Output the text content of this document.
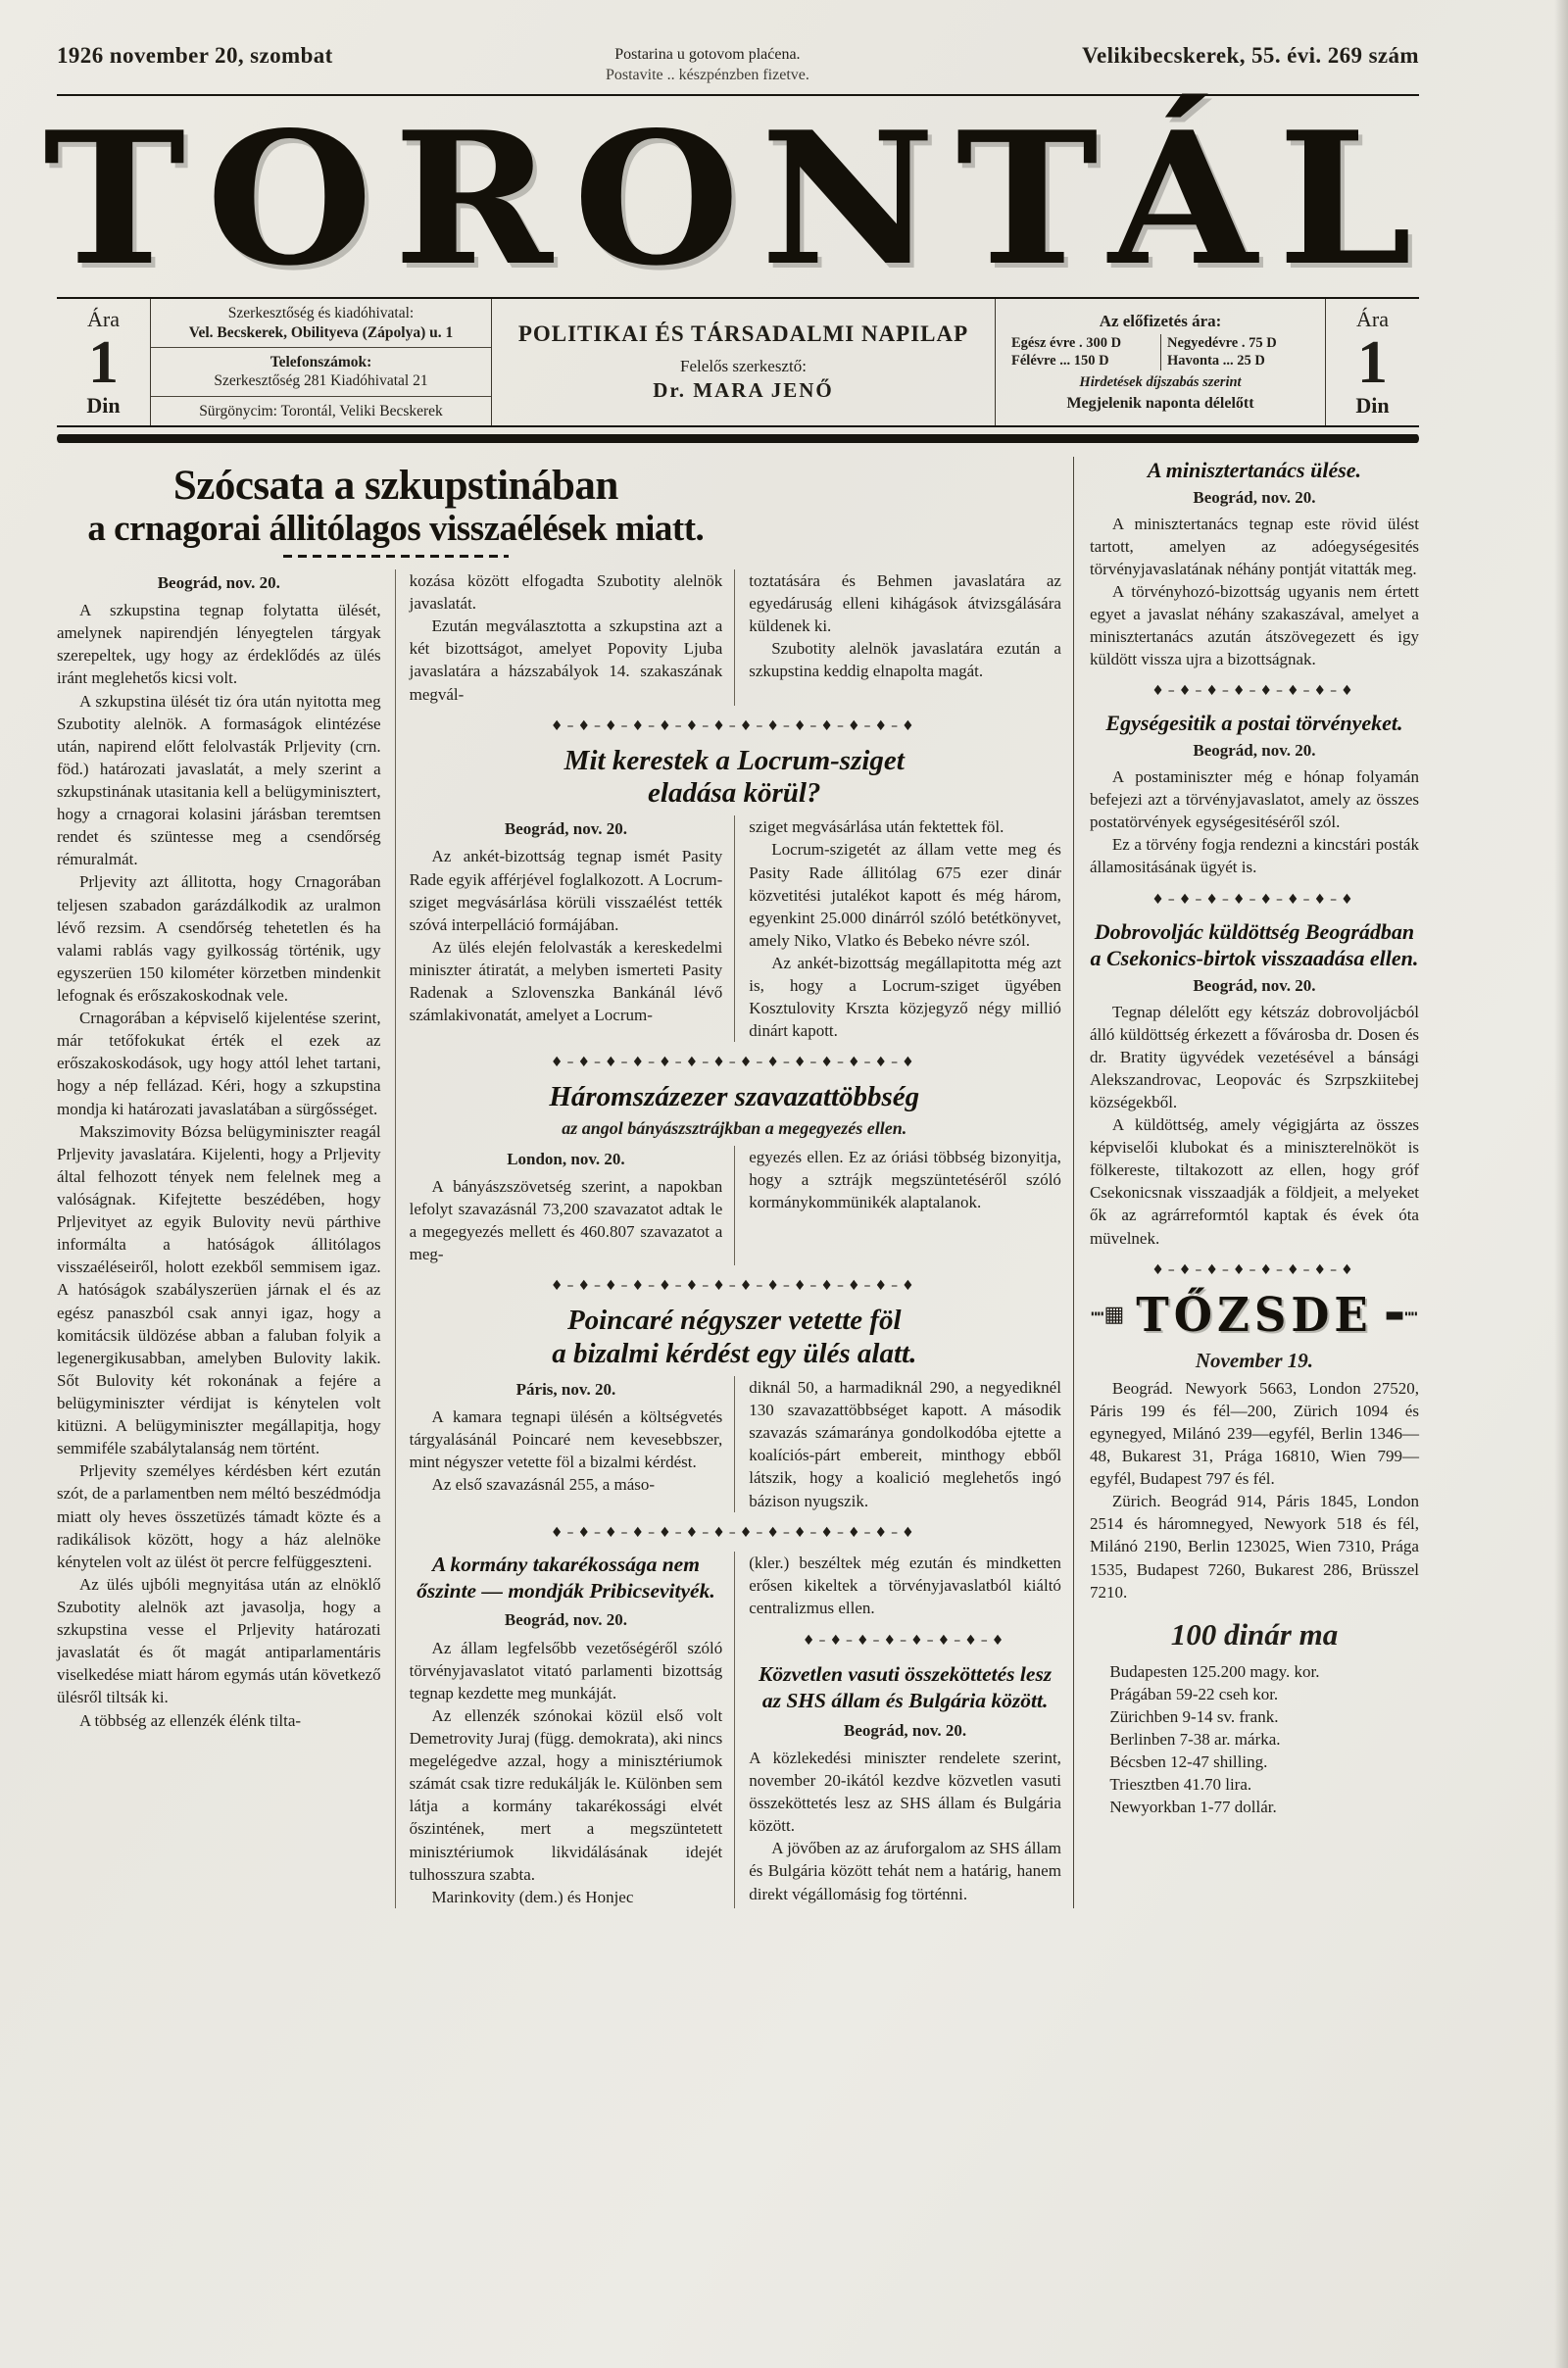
1926 november 20, szombat	Postarina u gotovom plaćena.
Postavite .. készpénzben fizetve.
Velikibecskerek, 55. évi. 269 szám
TORONTÁL
Ára
1
Din
Szerkesztőség és kiadóhivatal:
Vel. Becskerek, Obilityeva (Zápolya) u. 1
Telefonszámok:
Szerkesztőség 281 Kiadóhivatal 21
Sürgönycim: Torontál, Veliki Becskerek
POLITIKAI ÉS TÁRSADALMI NAPILAP
Felelős szerkesztő:
Dr. MARA JENŐ
Az előfizetés ára:
Egész évre . 300 D	Negyedévre . 75 D
Félévre ... 150 D	Havonta ... 25 D
Hirdetések díjszabás szerint
Megjelenik naponta délelőtt
Ára
1
Din
Szócsata a szkupstinában
a crnagorai állitólagos visszaélések miatt.
Beográd, nov. 20.

A szkupstina tegnap folytatta ülését, amelynek napirendjén lényegtelen tárgyak szerepeltek, ugy hogy az érdeklődés az ülés iránt meglehetős kicsi volt.

A szkupstina ülését tiz óra után nyitotta meg Szubotity alelnök. A formaságok elintézése után, napirend előtt felolvasták Prljevity (crn. föd.) határozati javaslatát, a mely szerint a szkupstinának utasitania kell a belügyminisztert, hogy a crnagorai kolasini járásban teremtsen rendet és szüntesse meg a csendőrség rémuralmát.

Prljevity azt állitotta, hogy Crnagorában teljesen szabadon garázdálkodik az uralmon lévő rezsim. A csendőrség tehetetlen és ha valami rablás vagy gyilkosság történik, ugy egyszerüen 150 kilométer körzetben mindenkit lefognak és erőszakoskodnak vele.

Crnagorában a képviselő kijelentése szerint, már tetőfokukat érték el ezek az erőszakoskodások, ugy hogy attól lehet tartani, hogy a nép fellázad. Kéri, hogy a szkupstina mondja ki határozati javaslatában a sürgősséget.

Makszimovity Bózsa belügyminiszter reagál Prljevity javaslatára. Kijelenti, hogy a Prljevity által felhozott tények nem felelnek meg a valóságnak. Kifejtette beszédében, hogy Prljevityet az egyik Bulovity nevü párthive informálta a hatóságok állitólagos visszaéléseiről, holott ezekből semmisem igaz. A hatóságok szabályszerüen járnak el és az egész panaszból csak annyi igaz, hogy a komitácsik üldözése abban a faluban folyik a legenergikusabban, amelyben Bulovity lakik. Sőt Bulovity két rokonának a fejére a belügyminiszter vérdijat is kénytelen volt kitüzni. A belügyminiszter megállapitja, hogy semmiféle szabálytalanság nem történt.

Prljevity személyes kérdésben kért ezután szót, de a parlamentben nem méltó beszédmódja miatt oly heves összetüzés támadt közte és a radikálisok között, hogy a ház alelnöke kénytelen volt az ülést öt percre felfüggeszteni.

Az ülés ujbóli megnyitása után az elnöklő Szubotity alelnök azt javasolja, hogy a szkupstina vesse el Prljevity határozati javaslatát és őt magát antiparlamentáris viselkedése miatt három egymás után következő ülésről tiltsák ki.

A többség az ellenzék élénk tilta-

kozása között elfogadta Szubotity alelnök javaslatát.

Ezután megválasztotta a szkupstina azt a két bizottságot, amelyet Popovity Ljuba javaslatára a házszabályok 14. szakaszának megvál-

toztatására és Behmen javaslatára az egyedáruság elleni kihágások átvizsgálására küldenek ki.

Szubotity alelnök javaslatára ezután a szkupstina keddig elnapolta magát.

♦–♦–♦–♦–♦–♦–♦–♦–♦–♦–♦–♦–♦–♦
Mit kerestek a Locrum-sziget
eladása körül?
Beográd, nov. 20.

Az ankét-bizottság tegnap ismét Pasity Rade egyik afférjével foglalkozott. A Locrum-sziget megvásárlása körüli visszaélést tették szóvá interpelláció formájában.

Az ülés elején felolvasták a kereskedelmi miniszter átiratát, a melyben ismerteti Pasity Radenak a Szlovenszka Bankánál lévő számlakivonatát, amelyet a Locrum-

sziget megvásárlása után fektettek föl.

Locrum-szigetét az állam vette meg és Pasity Rade állitólag 675 ezer dinár közvetitési jutalékot kapott és még három, egyenkint 25.000 dinárról szóló betétkönyvet, amely Niko, Vlatko és Bebeko névre szól.

Az ankét-bizottság megállapitotta még azt is, hogy a Locrum-sziget ügyében Kosztulovity Krszta közjegyző négy millió dinárt kapott.

♦–♦–♦–♦–♦–♦–♦–♦–♦–♦–♦–♦–♦–♦
Háromszázezer szavazattöbbség
az angol bányászsztrájkban a megegyezés ellen.
London, nov. 20.

A bányászszövetség szerint, a napokban lefolyt szavazásnál 73,200 szavazatot adtak le a megegyezés mellett és 460.807 szavazatot a meg-

egyezés ellen. Ez az óriási többség bizonyitja, hogy a sztrájk megszüntetéséről szóló kormánykommünikék alaptalanok.

♦–♦–♦–♦–♦–♦–♦–♦–♦–♦–♦–♦–♦–♦
Poincaré négyszer vetette föl
a bizalmi kérdést egy ülés alatt.
Páris, nov. 20.

A kamara tegnapi ülésén a költségvetés tárgyalásánál Poincaré nem kevesebbszer, mint négyszer vetette föl a bizalmi kérdést.

Az első szavazásnál 255, a máso-

diknál 50, a harmadiknál 290, a negyediknél 130 szavazattöbbséget kapott. A második szavazás számaránya gondolkodóba ejtette a koalíciós-párt embereit, minthogy ebből látszik, hogy a koalició meglehetős ingó bázison nyugszik.

♦–♦–♦–♦–♦–♦–♦–♦–♦–♦–♦–♦–♦–♦
A kormány takarékossága nem őszinte — mondják Pribicsevityék.
Beográd, nov. 20.

Az állam legfelsőbb vezetőségéről szóló törvényjavaslatot vitató parlamenti bizottság tegnap kezdette meg munkáját.

Az ellenzék szónokai közül első volt Demetrovity Juraj (függ. demokrata), aki nincs megelégedve azzal, hogy a minisztériumok számát csak tizre redukálják le. Különben sem látja a kormány takarékossági elvét őszintének, mert a megszüntetett minisztériumok likvidálásának idejét tulhosszura szabta.

Marinkovity (dem.) és Honjec

(kler.) beszéltek még ezután és mindketten erősen kikeltek a törvényjavaslatból kiáltó centralizmus ellen.

♦–♦–♦–♦–♦–♦–♦–♦
Közvetlen vasuti összeköttetés lesz az SHS állam és Bulgária között.
Beográd, nov. 20.

A közlekedési miniszter rendelete szerint, november 20-ikától kezdve közvetlen vasuti összeköttetés lesz az SHS állam és Bulgária között.

A jövőben az az áruforgalom az SHS állam és Bulgária között tehát nem a határig, hanem direkt végállomásig fog történni.

A minisztertanács ülése.
Beográd, nov. 20.

A minisztertanács tegnap este rövid ülést tartott, amelyen az adóegységesités törvényjavaslatának néhány pontját vitatták meg.

A törvényhozó-bizottság ugyanis nem értett egyet a javaslat néhány szakaszával, amelyet a minisztertanács azután átszövegezett és igy küldött vissza ujra a bizottságnak.

♦–♦–♦–♦–♦–♦–♦–♦
Egységesitik a postai törvényeket.
Beográd, nov. 20.

A postaminiszter még e hónap folyamán befejezi azt a törvényjavaslatot, amely az összes postatörvények egységesitéséről szól.

Ez a törvény fogja rendezni a kincstári posták államositásának ügyét is.

♦–♦–♦–♦–♦–♦–♦–♦
Dobrovoljác küldöttség Beográdban a Csekonics-birtok visszaadása ellen.
Beográd, nov. 20.

Tegnap délelőtt egy kétszáz dobrovoljácból álló küldöttség érkezett a fővárosba dr. Dosen és dr. Bratity ügyvédek vezetésével a bánsági Alekszandrovac, Leopovác és Szrpszkiitebej községekből.

A küldöttség, amely végigjárta az összes képviselői klubokat és a miniszterelnököt is fölkereste, tiltakozott az ellen, hogy gróf Csekonicsnak visszaadják a földjeit, a melyeket ők az agrárreformtól kaptak és évek óta müvelnek.

♦–♦–♦–♦–♦–♦–♦–♦
┉▦ TŐZSDE ▬┉
November 19.

Beográd. Newyork 5663, London 27520, Páris 199 és fél—200, Zürich 1094 és egynegyed, Milánó 239—egyfél, Berlin 1346—48, Bukarest 31, Prága 16810, Wien 799—egyfél, Budapest 797 és fél.

Zürich. Beográd 914, Páris 1845, London 2514 és háromnegyed, Newyork 518 és fél, Milánó 2190, Berlin 123025, Wien 7310, Prága 1535, Budapest 7260, Bukarest 286, Brüsszel 7210.

100 dinár ma

Budapesten 125.200 magy. kor.

Prágában 59-22 cseh kor.

Zürichben 9-14 sv. frank.

Berlinben 7-38 ar. márka.

Bécsben 12-47 shilling.

Triesztben 41.70 lira.

Newyorkban 1-77 dollár.
